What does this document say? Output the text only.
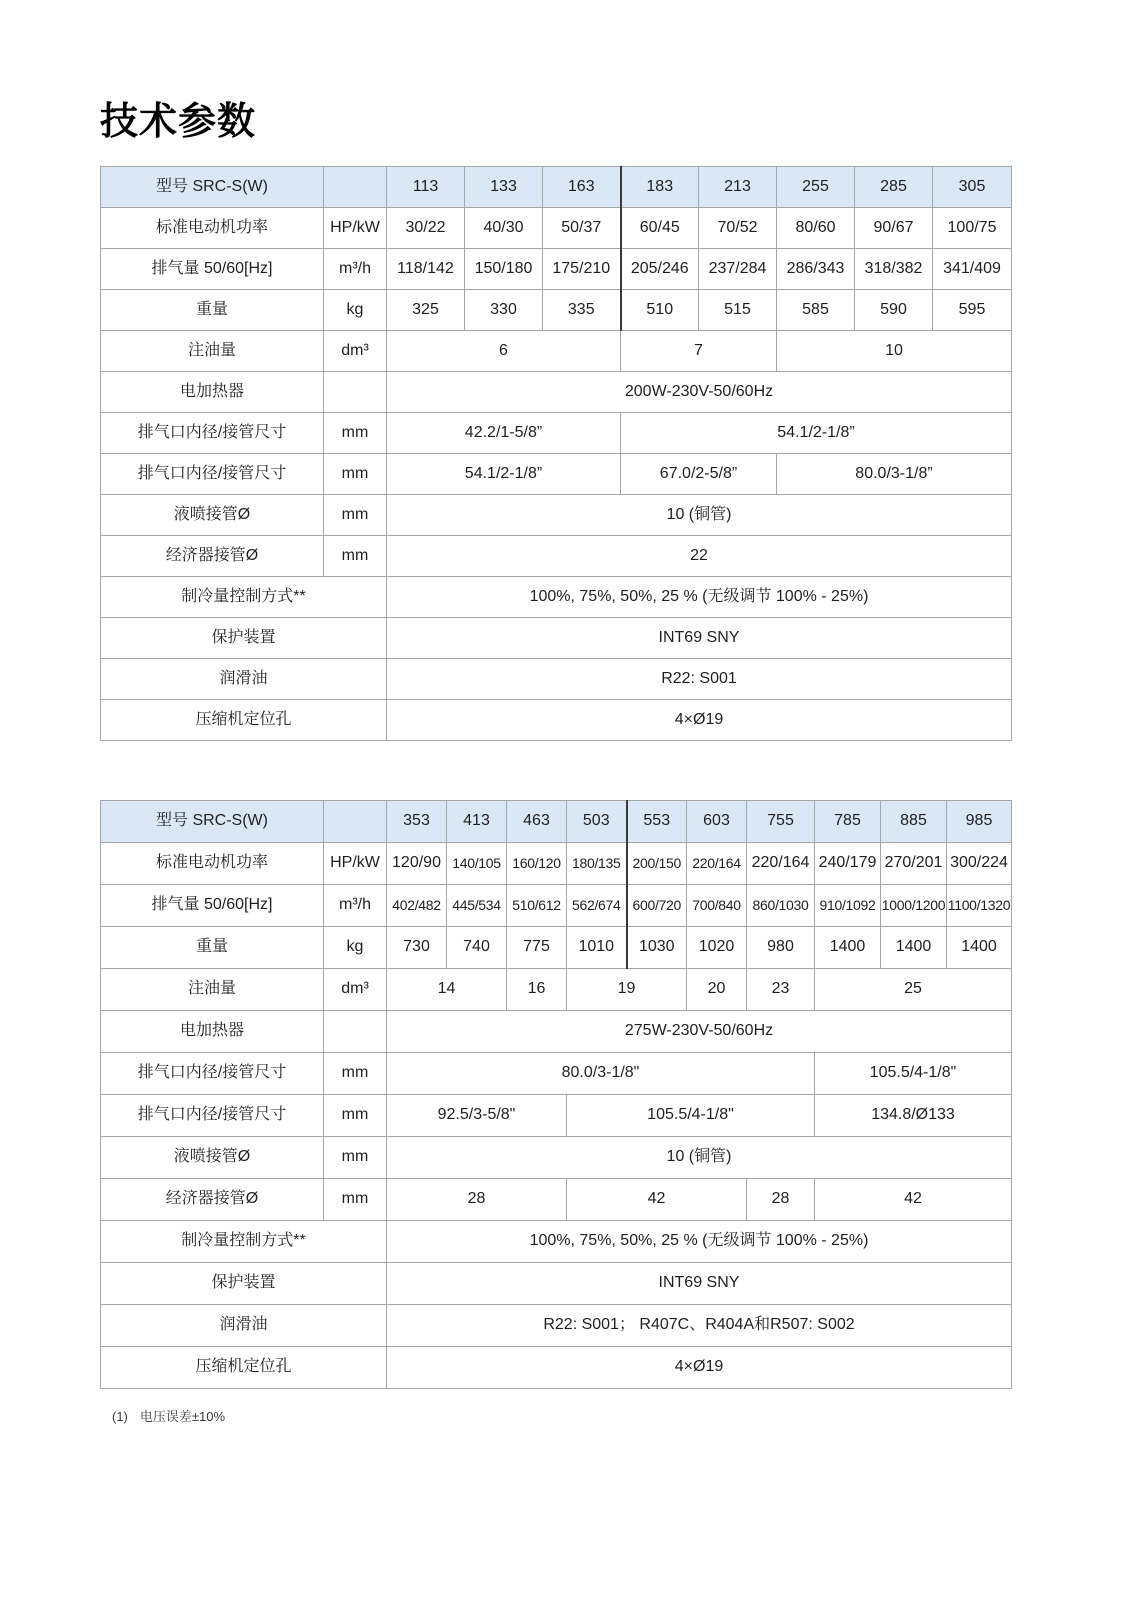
技术参数
型号 SRC-S(W)		113	133	163	183	213	255	285	305
标准电动机功率	HP/kW	30/22	40/30	50/37	60/45	70/52	80/60	90/67	100/75
排气量 50/60[Hz]	m³/h	118/142	150/180	175/210	205/246	237/284	286/343	318/382	341/409
重量	kg	325	330	335	510	515	585	590	595
注油量	dm³	6			7		10		
电加热器		200W-230V-50/60Hz							
排气口内径/接管尺寸	mm	42.2/1-5/8”			54.1/2-1/8”				
排气口内径/接管尺寸	mm	54.1/2-1/8”			67.0/2-5/8”		80.0/3-1/8”		
液喷接管Ø	mm	10 (铜管)							
经济器接管Ø	mm	22							
制冷量控制方式**		100%, 75%, 50%, 25 % (无级调节 100% - 25%)							
保护装置		INT69 SNY							
润滑油		R22: S001							
压缩机定位孔		4×Ø19							
型号 SRC-S(W)		353	413	463	503	553	603	755	785	885	985
标准电动机功率	HP/kW	120/90	140/105	160/120	180/135	200/150	220/164	220/164	240/179	270/201	300/224
排气量 50/60[Hz]	m³/h	402/482	445/534	510/612	562/674	600/720	700/840	860/1030	910/1092	1000/1200	1100/1320
重量	kg	730	740	775	1010	1030	1020	980	1400	1400	1400
注油量	dm³	14		16	19		20	23	25		
电加热器		275W-230V-50/60Hz									
排气口内径/接管尺寸	mm	80.0/3-1/8"							105.5/4-1/8"		
排气口内径/接管尺寸	mm	92.5/3-5/8"			105.5/4-1/8"				134.8/Ø133		
液喷接管Ø	mm	10 (铜管)									
经济器接管Ø	mm	28			42			28	42		
制冷量控制方式**		100%, 75%, 50%, 25 % (无级调节 100% - 25%)									
保护装置		INT69 SNY									
润滑油		R22: S001； R407C、R404A和R507: S002									
压缩机定位孔		4×Ø19									
(1) 电压误差±10%
